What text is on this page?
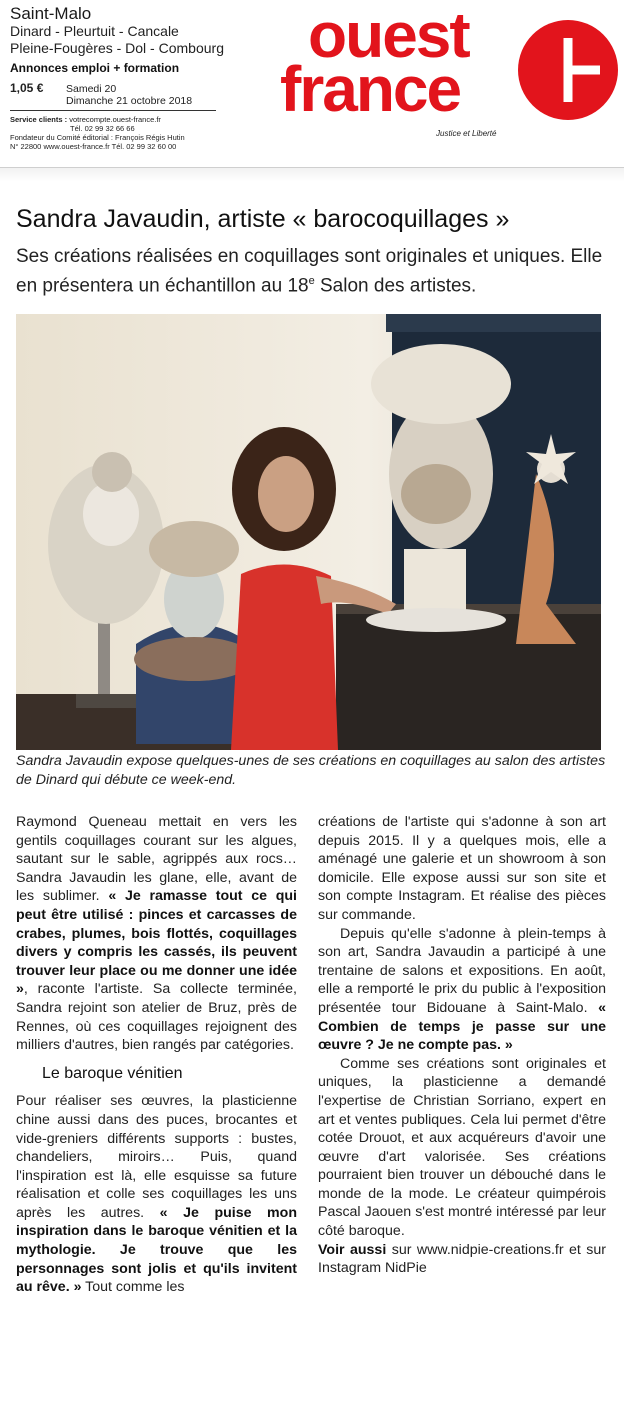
Saint-Malo
Dinard - Pleurtuit - Cancale
Pleine-Fougères - Dol - Combourg
Annonces emploi + formation
1,05 € Samedi 20
Dimanche 21 octobre 2018
Service clients : votrecompte.ouest-france.fr
Tél. 02 99 32 66 66
Fondateur du Comité éditorial : François Régis Hutin
N° 22800 www.ouest-france.fr Tél. 02 99 32 60 00
ouest
france
Justice et Liberté
Sandra Javaudin, artiste « barocoquillages »
Ses créations réalisées en coquillages sont originales et uniques. Elle en présentera un échantillon au 18e Salon des artistes.
Sandra Javaudin expose quelques-unes de ses créations en coquillages au salon des artistes de Dinard qui débute ce week-end.

Raymond Queneau mettait en vers les gentils coquillages courant sur les algues, sautant sur le sable, agrippés aux rocs… Sandra Javaudin les glane, elle, avant de les sublimer. « Je ramasse tout ce qui peut être utilisé : pinces et carcasses de crabes, plumes, bois flottés, coquillages divers y compris les cassés, ils peuvent trouver leur place ou me donner une idée », raconte l'artiste. Sa collecte terminée, Sandra rejoint son atelier de Bruz, près de Rennes, où ces coquillages rejoignent des milliers d'autres, bien rangés par catégories.

Le baroque vénitien

Pour réaliser ses œuvres, la plasticienne chine aussi dans des puces, brocantes et vide-greniers différents supports : bustes, chandeliers, miroirs… Puis, quand l'inspiration est là, elle esquisse sa future réalisation et colle ses coquillages les uns après les autres. « Je puise mon inspiration dans le baroque vénitien et la mythologie. Je trouve que les personnages sont jolis et qu'ils invitent au rêve. » Tout comme les

créations de l'artiste qui s'adonne à son art depuis 2015. Il y a quelques mois, elle a aménagé une galerie et un showroom à son domicile. Elle expose aussi sur son site et son compte Instagram. Et réalise des pièces sur commande.

Depuis qu'elle s'adonne à plein-temps à son art, Sandra Javaudin a participé à une trentaine de salons et expositions. En août, elle a remporté le prix du public à l'exposition présentée tour Bidouane à Saint-Malo. « Combien de temps je passe sur une œuvre ? Je ne compte pas. »

Comme ses créations sont originales et uniques, la plasticienne a demandé l'expertise de Christian Sorriano, expert en art et ventes publiques. Cela lui permet d'être cotée Drouot, et aux acquéreurs d'avoir une œuvre d'art valorisée. Ses créations pourraient bien trouver un débouché dans le monde de la mode. Le créateur quimpérois Pascal Jaouen s'est montré intéressé par leur côté baroque.

Voir aussi sur www.nidpie-creations.fr et sur Instagram NidPie
